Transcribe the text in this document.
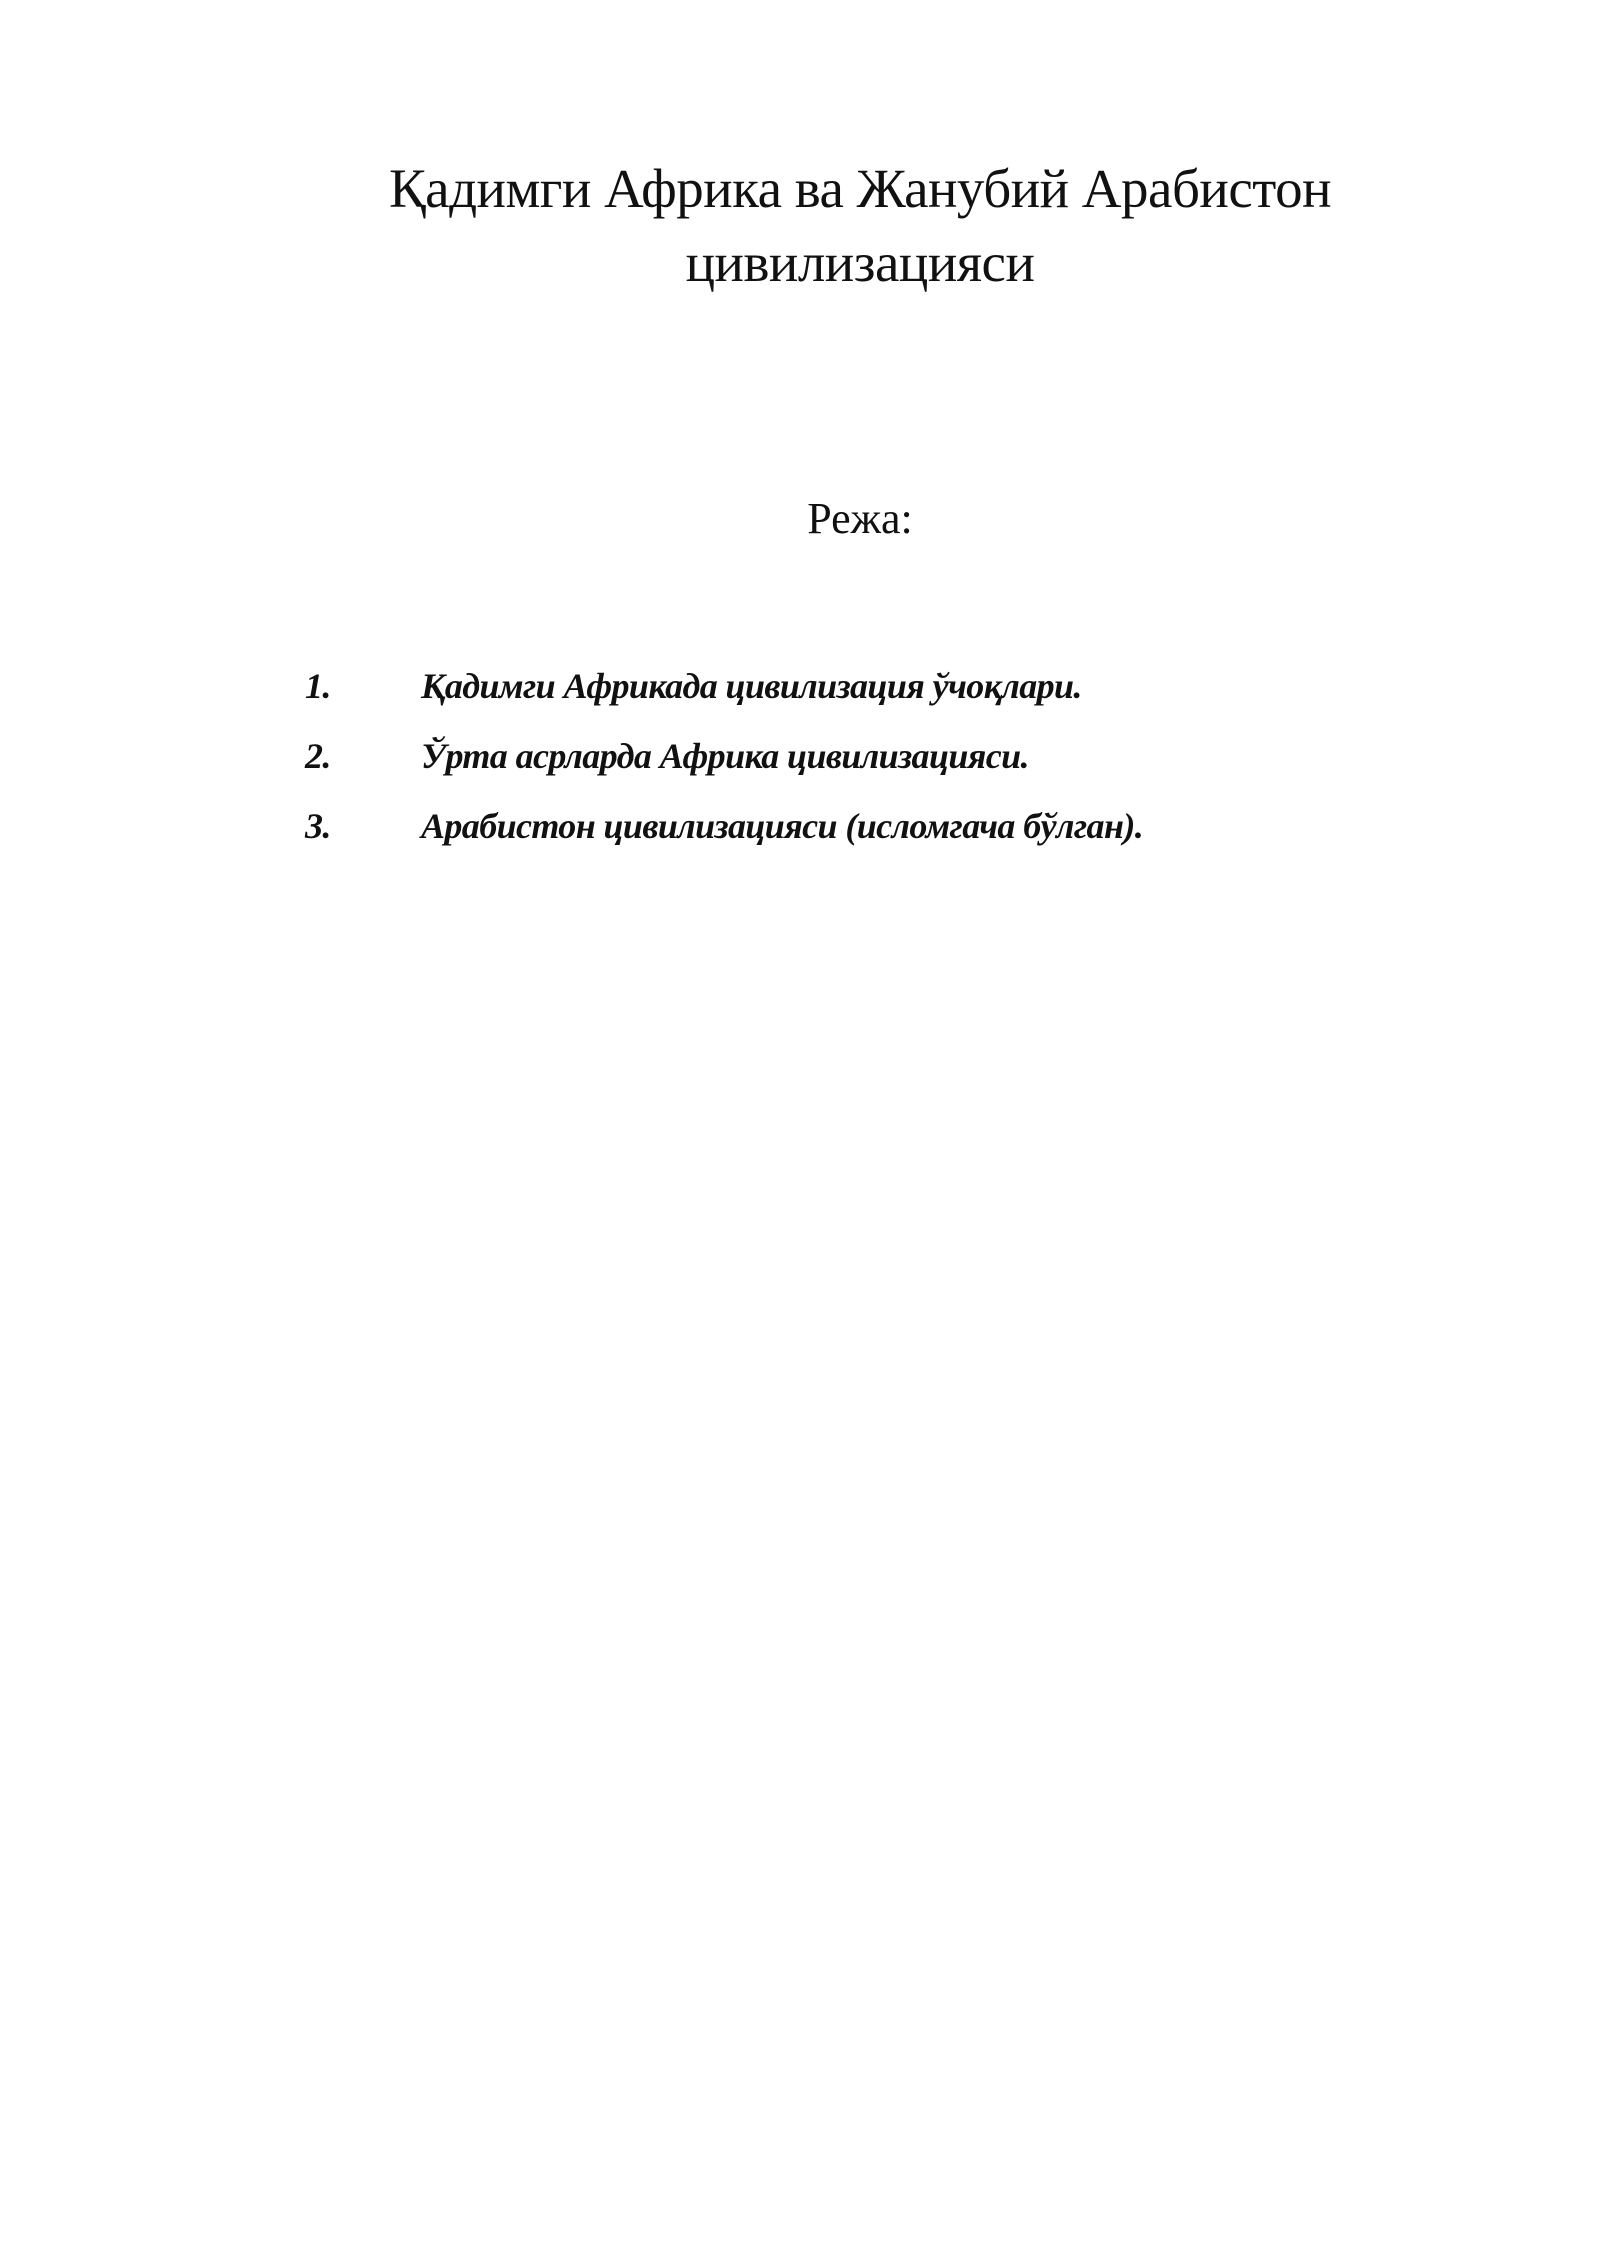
Қадимги Африка ва Жанубий Арабистон
цивилизацияси
Режа:
1.	Қадимги Африкада цивилизация ўчоқлари.
2.	Ўрта асрларда Африка цивилизацияси.
3.	Арабистон цивилизацияси (исломгача бўлган).
